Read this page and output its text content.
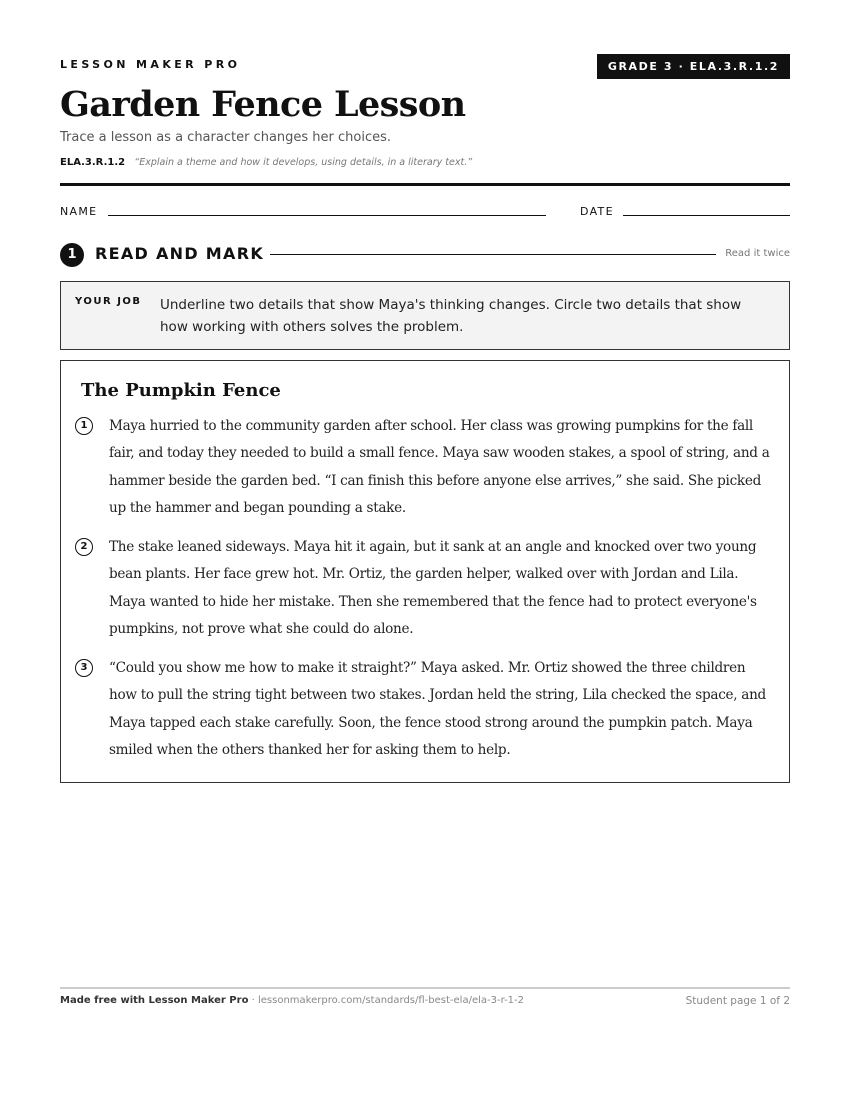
LESSON MAKER PRO	GRADE 3 · ELA.3.R.1.2
Garden Fence Lesson
Trace a lesson as a character changes her choices.
ELA.3.R.1.2 “Explain a theme and how it develops, using details, in a literary text.”
NAME	DATE
1	READ AND MARK	Read it twice
YOUR JOB Underline two details that show Maya's thinking changes. Circle two details that show how working with others solves the problem.
The Pumpkin Fence
1	Maya hurried to the community garden after school. Her class was growing pumpkins for the fall fair, and today they needed to build a small fence. Maya saw wooden stakes, a spool of string, and a hammer beside the garden bed. “I can finish this before anyone else arrives,” she said. She picked up the hammer and began pounding a stake.
2	The stake leaned sideways. Maya hit it again, but it sank at an angle and knocked over two young bean plants. Her face grew hot. Mr. Ortiz, the garden helper, walked over with Jordan and Lila. Maya wanted to hide her mistake. Then she remembered that the fence had to protect everyone's pumpkins, not prove what she could do alone.
3	“Could you show me how to make it straight?” Maya asked. Mr. Ortiz showed the three children how to pull the string tight between two stakes. Jordan held the string, Lila checked the space, and Maya tapped each stake carefully. Soon, the fence stood strong around the pumpkin patch. Maya smiled when the others thanked her for asking them to help.
Made free with Lesson Maker Pro · lessonmakerpro.com/standards/fl-best-ela/ela-3-r-1-2	Student page 1 of 2
